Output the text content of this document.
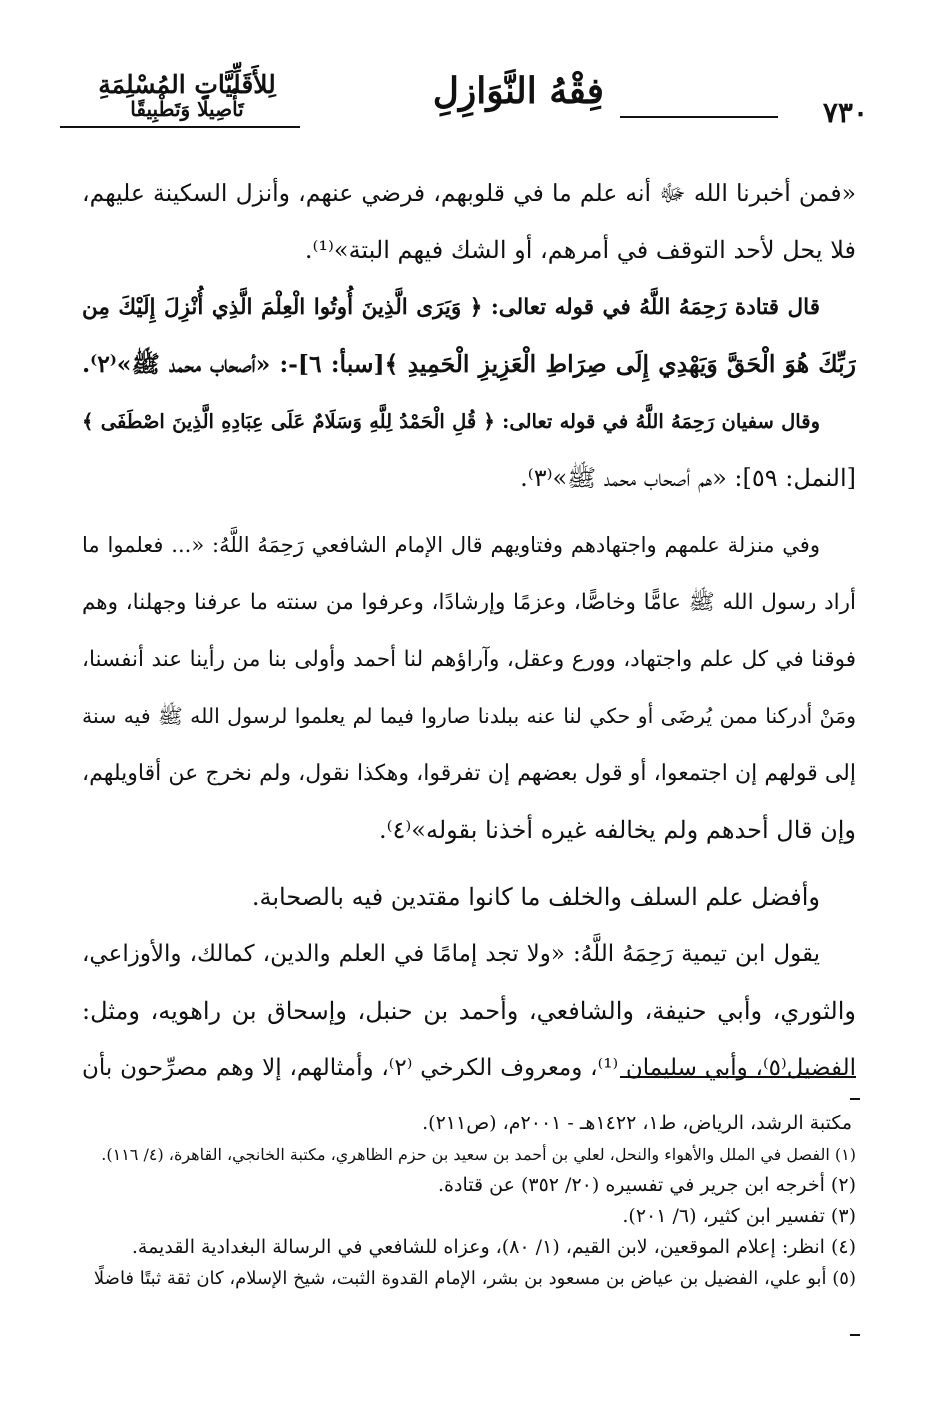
٧٣٠
فِقْهُ النَّوَازِلِ
لِلأَقَلِّيَّاتِ المُسْلِمَةِ
تَأْصِيلًا وَتَطْبِيقًا
«فمن أخبرنا الله ﷻ أنه علم ما في قلوبهم، فرضي عنهم، وأنزل السكينة عليهم،
فلا يحل لأحد التوقف في أمرهم، أو الشك فيهم البتة»⁽¹⁾.
قال قتادة رَحِمَهُ اللَّهُ في قوله تعالى: ﴿ وَيَرَى الَّذِينَ أُوتُوا الْعِلْمَ الَّذِي أُنْزِلَ إِلَيْكَ مِن
رَبِّكَ هُوَ الْحَقَّ وَيَهْدِي إِلَى صِرَاطِ الْعَزِيزِ الْحَمِيدِ ﴾[سبأ: ٦]-: «أصحاب محمد ﷺ»⁽٢⁾.
وقال سفيان رَحِمَهُ اللَّهُ في قوله تعالى: ﴿ قُلِ الْحَمْدُ لِلَّهِ وَسَلَامٌ عَلَى عِبَادِهِ الَّذِينَ اصْطَفَى ﴾
[النمل: ٥٩]: «هم أصحاب محمد ﷺ»⁽٣⁾.
وفي منزلة علمهم واجتهادهم وفتاويهم قال الإمام الشافعي رَحِمَهُ اللَّهُ: «... فعلموا ما
أراد رسول الله ﷺ عامًّا وخاصًّا، وعزمًا وإرشادًا، وعرفوا من سنته ما عرفنا وجهلنا، وهم
فوقنا في كل علم واجتهاد، وورع وعقل، وآراؤهم لنا أحمد وأولى بنا من رأينا عند أنفسنا،
ومَنْ أدركنا ممن يُرضَى أو حكي لنا عنه ببلدنا صاروا فيما لم يعلموا لرسول الله ﷺ فيه سنة
إلى قولهم إن اجتمعوا، أو قول بعضهم إن تفرقوا، وهكذا نقول، ولم نخرج عن أقاويلهم،
وإن قال أحدهم ولم يخالفه غيره أخذنا بقوله»⁽٤⁾.
وأفضل علم السلف والخلف ما كانوا مقتدين فيه بالصحابة.
يقول ابن تيمية رَحِمَهُ اللَّهُ: «ولا تجد إمامًا في العلم والدين، كمالك، والأوزاعي،
والثوري، وأبي حنيفة، والشافعي، وأحمد بن حنبل، وإسحاق بن راهويه، ومثل:
الفضيل⁽٥⁾، وأبي سليمان ⁽¹⁾، ومعروف الكرخي ⁽٢⁾، وأمثالهم، إلا وهم مصرِّحون بأن
مكتبة الرشد، الرياض، ط١، ١٤٢٢هـ - ٢٠٠١م، (ص٢١١).
(١) الفصل في الملل والأهواء والنحل، لعلي بن أحمد بن سعيد بن حزم الظاهري، مكتبة الخانجي، القاهرة، (٤/ ١١٦).
(٢) أخرجه ابن جرير في تفسيره (٢٠/ ٣٥٢) عن قتادة.
(٣) تفسير ابن كثير، (٦/ ٢٠١).
(٤) انظر: إعلام الموقعين، لابن القيم، (١/ ٨٠)، وعزاه للشافعي في الرسالة البغدادية القديمة.
(٥) أبو علي، الفضيل بن عياض بن مسعود بن بشر، الإمام القدوة الثبت، شيخ الإسلام، كان ثقة ثبتًا فاضلًا
